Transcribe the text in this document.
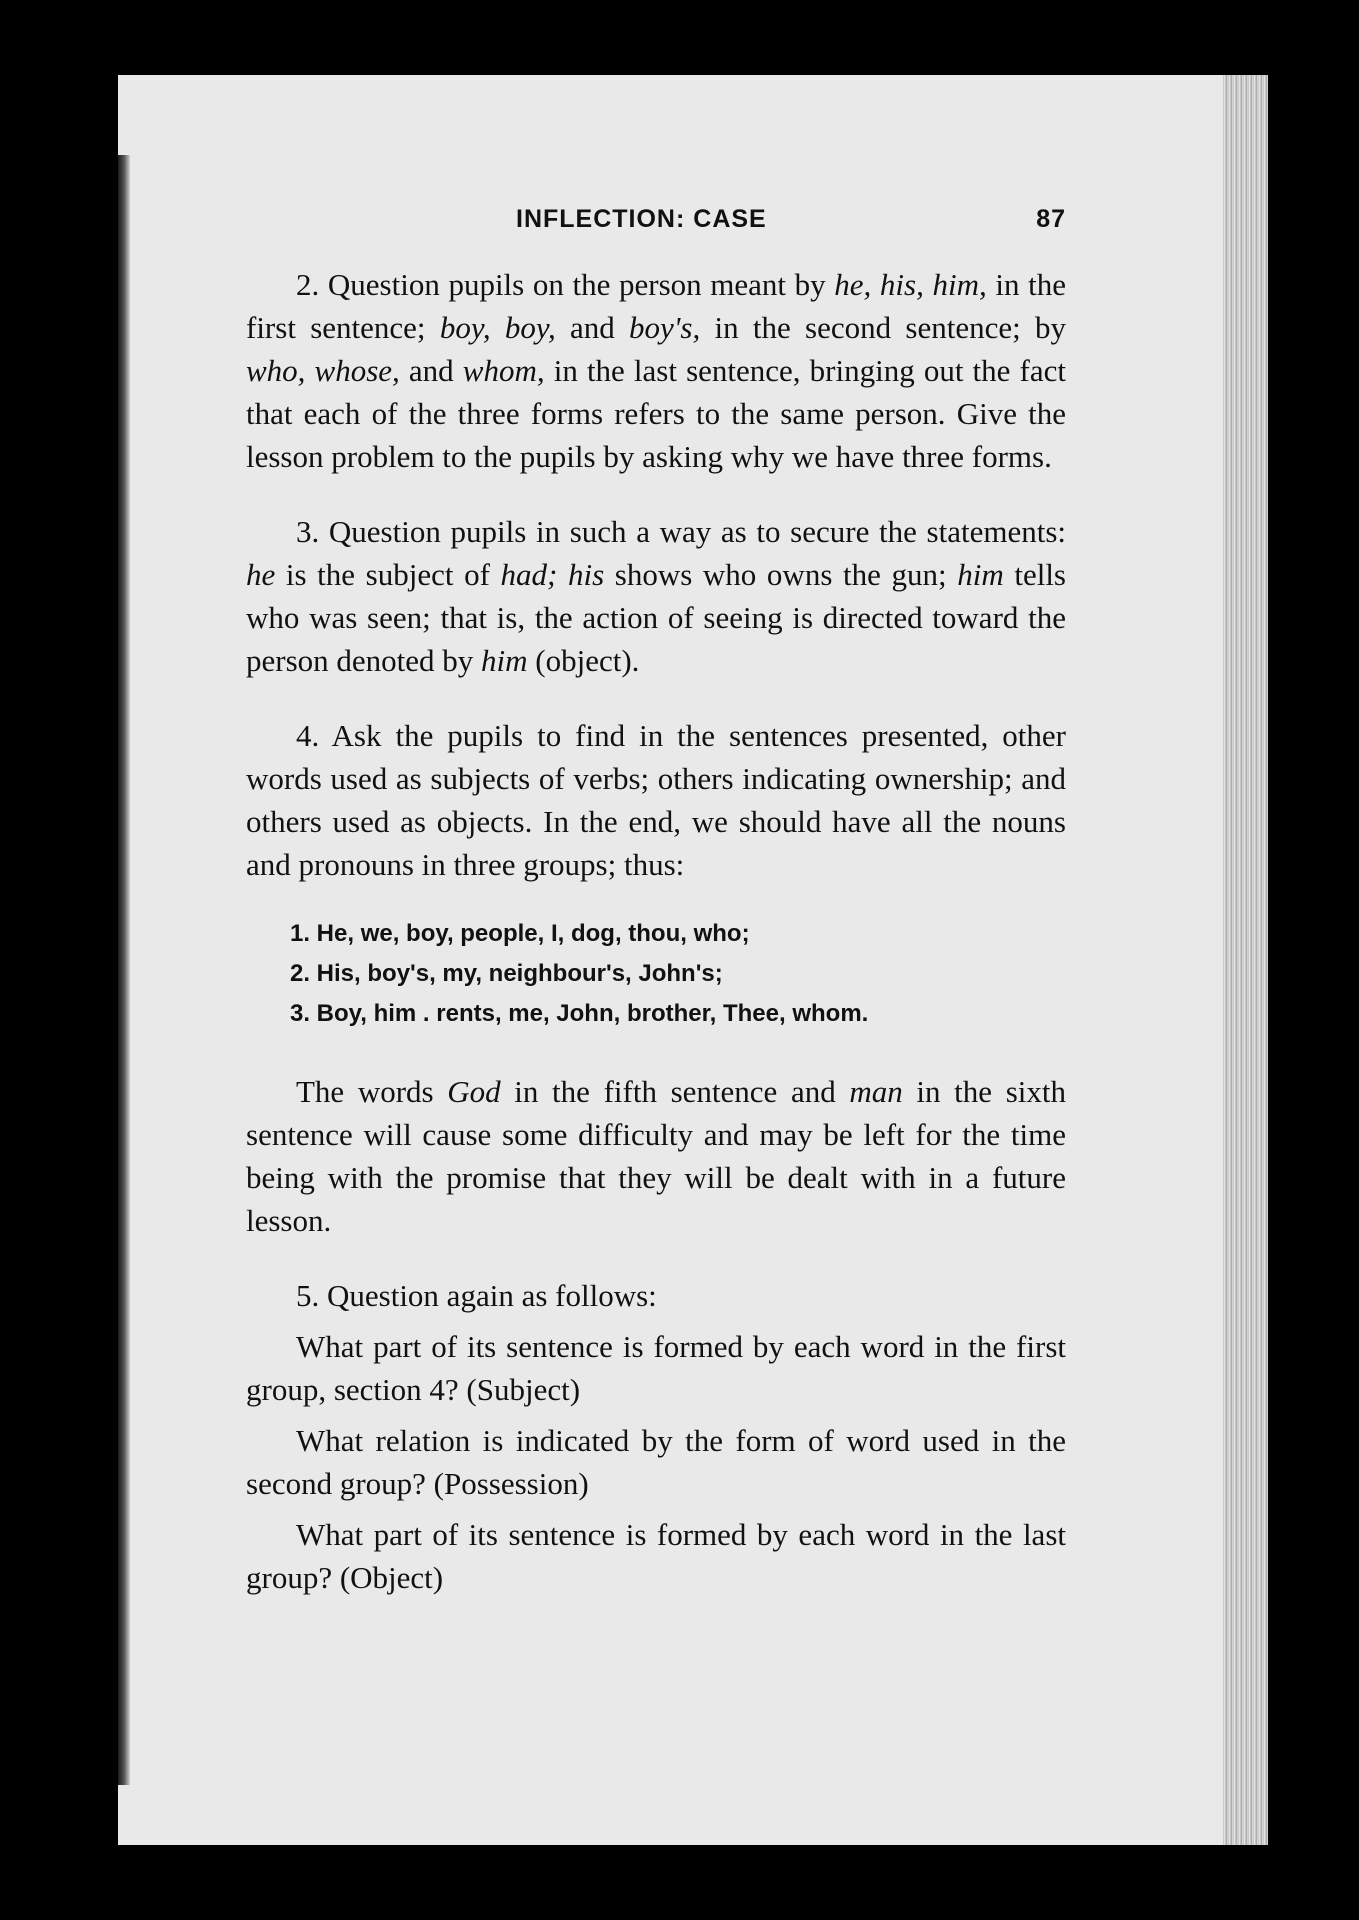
INFLECTION: CASE	87

2. Question pupils on the person meant by he, his, him, in the first sentence; boy, boy, and boy's, in the second sentence; by who, whose, and whom, in the last sentence, bringing out the fact that each of the three forms refers to the same person. Give the lesson problem to the pupils by asking why we have three forms.

3. Question pupils in such a way as to secure the statements: he is the subject of had; his shows who owns the gun; him tells who was seen; that is, the action of seeing is directed toward the person denoted by him (object).

4. Ask the pupils to find in the sentences presented, other words used as subjects of verbs; others indicating ownership; and others used as objects. In the end, we should have all the nouns and pronouns in three groups; thus:

1. He, we, boy, people, I, dog, thou, who;
2. His, boy's, my, neighbour's, John's;
3. Boy, him . rents, me, John, brother, Thee, whom.

The words God in the fifth sentence and man in the sixth sentence will cause some difficulty and may be left for the time being with the promise that they will be dealt with in a future lesson.

5. Question again as follows:

What part of its sentence is formed by each word in the first group, section 4? (Subject)

What relation is indicated by the form of word used in the second group? (Possession)

What part of its sentence is formed by each word in the last group? (Object)
